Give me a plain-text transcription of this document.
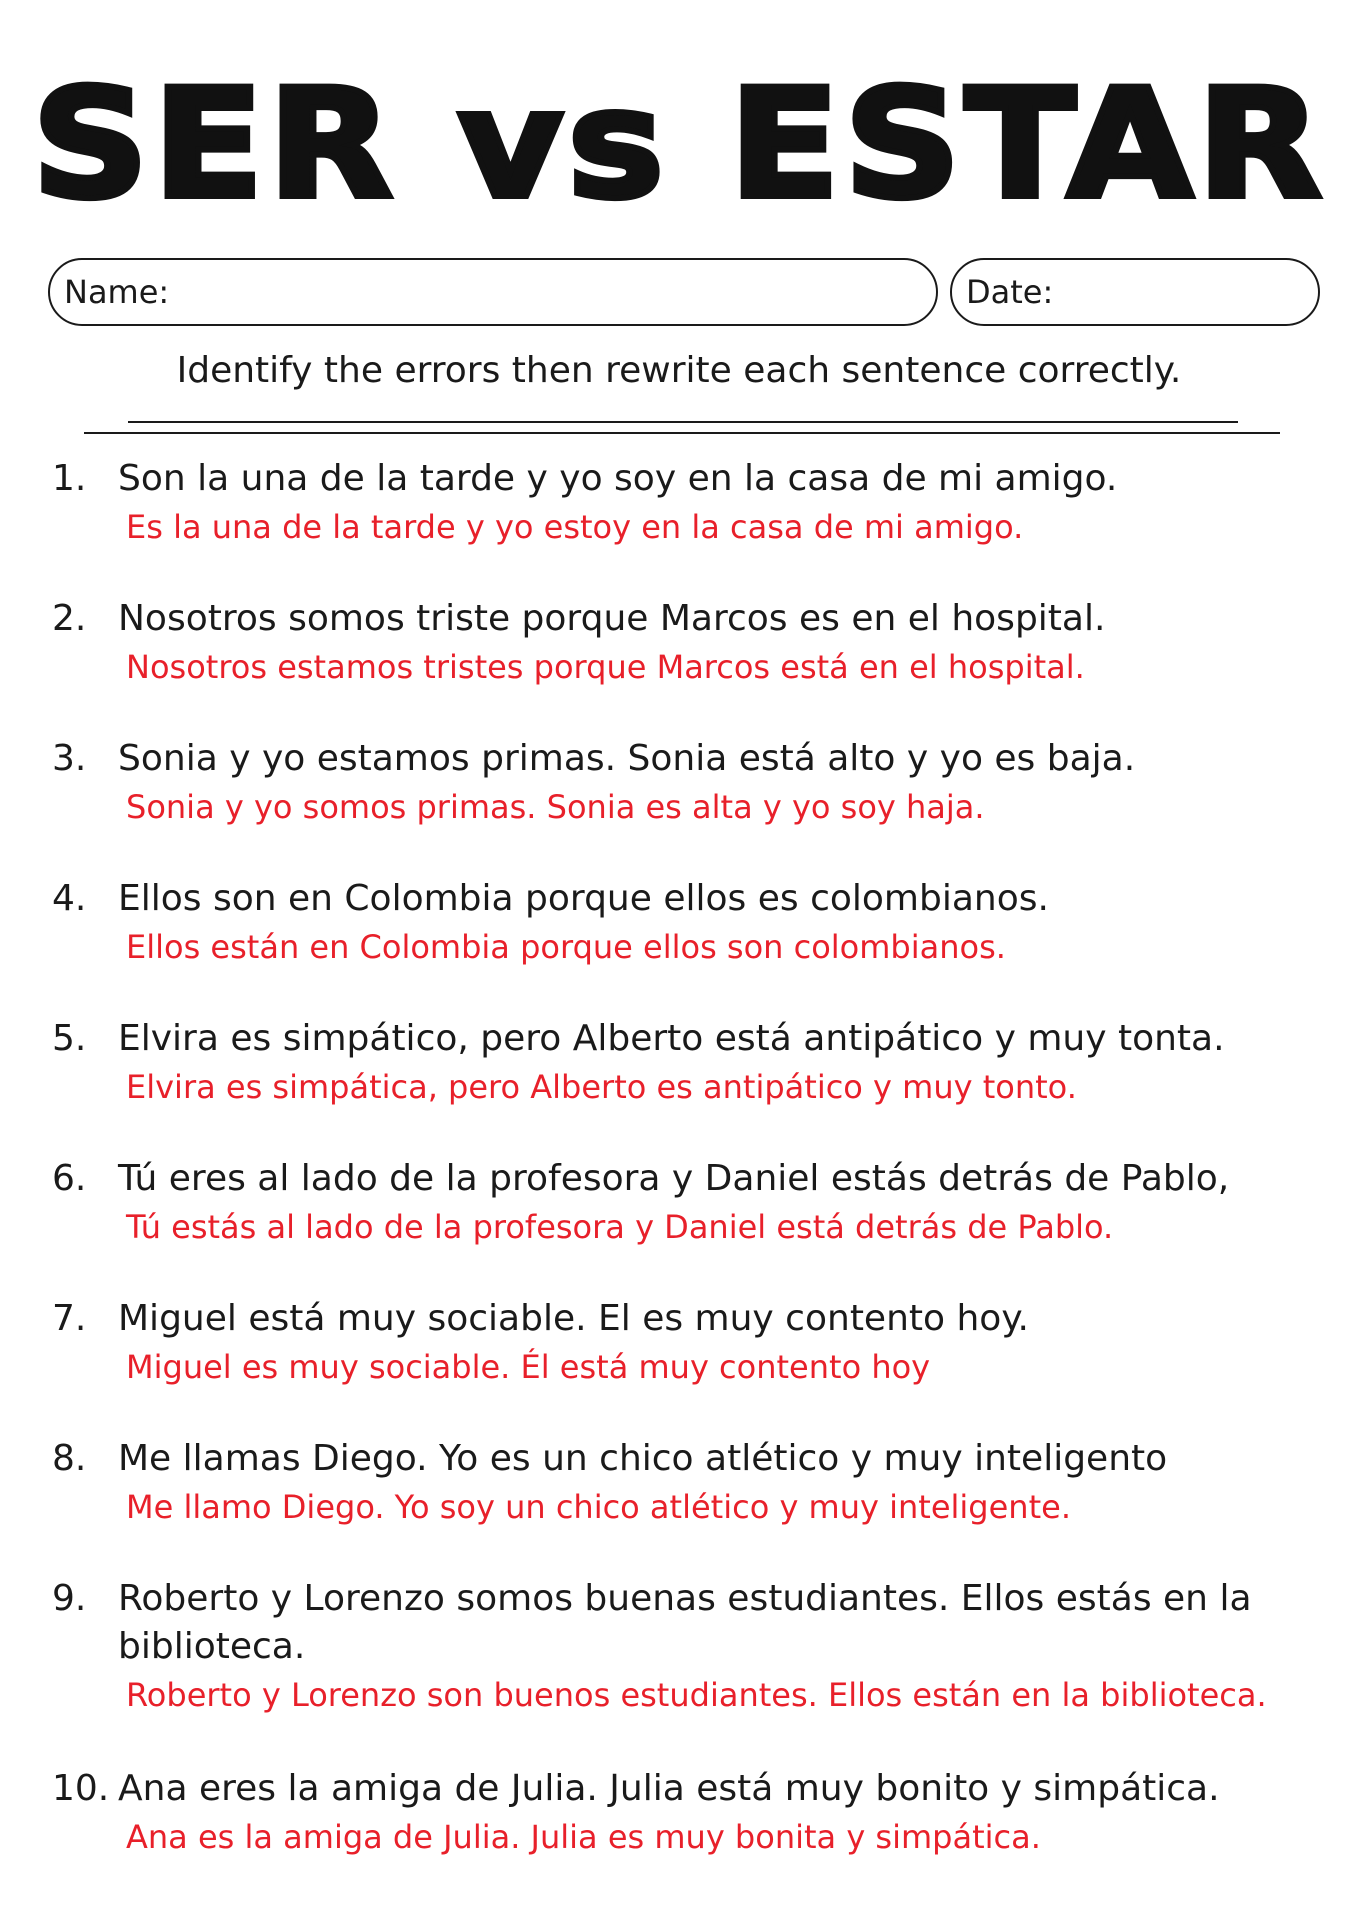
SER vs ESTAR
Name:	Date:
Identify the errors then rewrite each sentence correctly.
1. Son la una de la tarde y yo soy en la casa de mi amigo.
Es la una de la tarde y yo estoy en la casa de mi amigo.
2. Nosotros somos triste porque Marcos es en el hospital.
Nosotros estamos tristes porque Marcos está en el hospital.
3. Sonia y yo estamos primas. Sonia está alto y yo es baja.
Sonia y yo somos primas. Sonia es alta y yo soy haja.
4. Ellos son en Colombia porque ellos es colombianos.
Ellos están en Colombia porque ellos son colombianos.
5. Elvira es simpático, pero Alberto está antipático y muy tonta.
Elvira es simpática, pero Alberto es antipático y muy tonto.
6. Tú eres al lado de la profesora y Daniel estás detrás de Pablo,
Tú estás al lado de la profesora y Daniel está detrás de Pablo.
7. Miguel está muy sociable. El es muy contento hoy.
Miguel es muy sociable. Él está muy contento hoy
8. Me llamas Diego. Yo es un chico atlético y muy inteligento
Me llamo Diego. Yo soy un chico atlético y muy inteligente.
9. Roberto y Lorenzo somos buenas estudiantes. Ellos estás en la biblioteca.
Roberto y Lorenzo son buenos estudiantes. Ellos están en la biblioteca.
10. Ana eres la amiga de Julia. Julia está muy bonito y simpática.
Ana es la amiga de Julia. Julia es muy bonita y simpática.
